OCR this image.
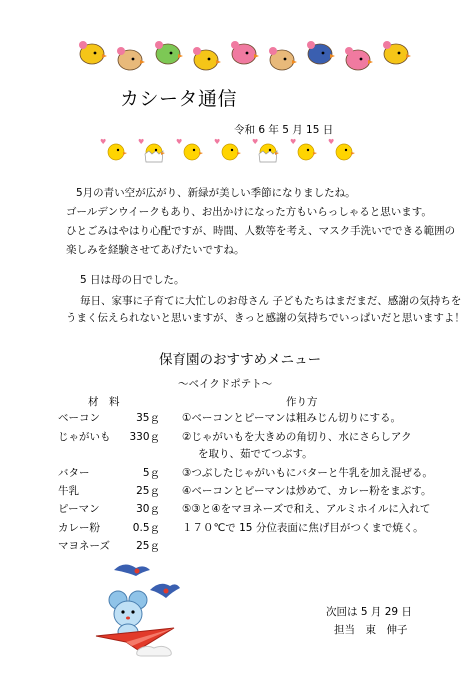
カシータ通信
令和 6 年 5 月 15 日
♥	♥	♥	♥	♥	♥	♥
5月の青い空が広がり、新緑が美しい季節になりましたね。
ゴールデンウイークもあり、お出かけになった方もいらっしゃると思います。
ひとごみはやはり心配ですが、時間、人数等を考え、マスク手洗いでできる範囲の
楽しみを経験させてあげたいですね。
5 日は母の日でした。
毎日、家事に子育てに大忙しのお母さん 子どもたちはまだまだ、感謝の気持ちを
うまく伝えられないと思いますが、きっと感謝の気持ちでいっぱいだと思いますよ！
保育園のおすすめメニュー
～ベイクドポテト～
材　料	作り方
ベーコン	35ｇ
じゃがいも	330ｇ
バター	5ｇ
牛乳	25ｇ
ピーマン	30ｇ
カレー粉	0.5ｇ
マヨネーズ	25ｇ
①ベーコンとピーマンは粗みじん切りにする。
②じゃがいもを大きめの角切り、水にさらしアク
を取り、茹でてつぶす。
③つぶしたじゃがいもにバターと牛乳を加え混ぜる。
④ベーコンとピーマンは炒めて、カレー粉をまぶす。
⑤③と④をマヨネーズで和え、アルミホイルに入れて
１７０℃で 15 分位表面に焦げ目がつくまで焼く。
次回は 5 月 29 日
担当　東　伸子
